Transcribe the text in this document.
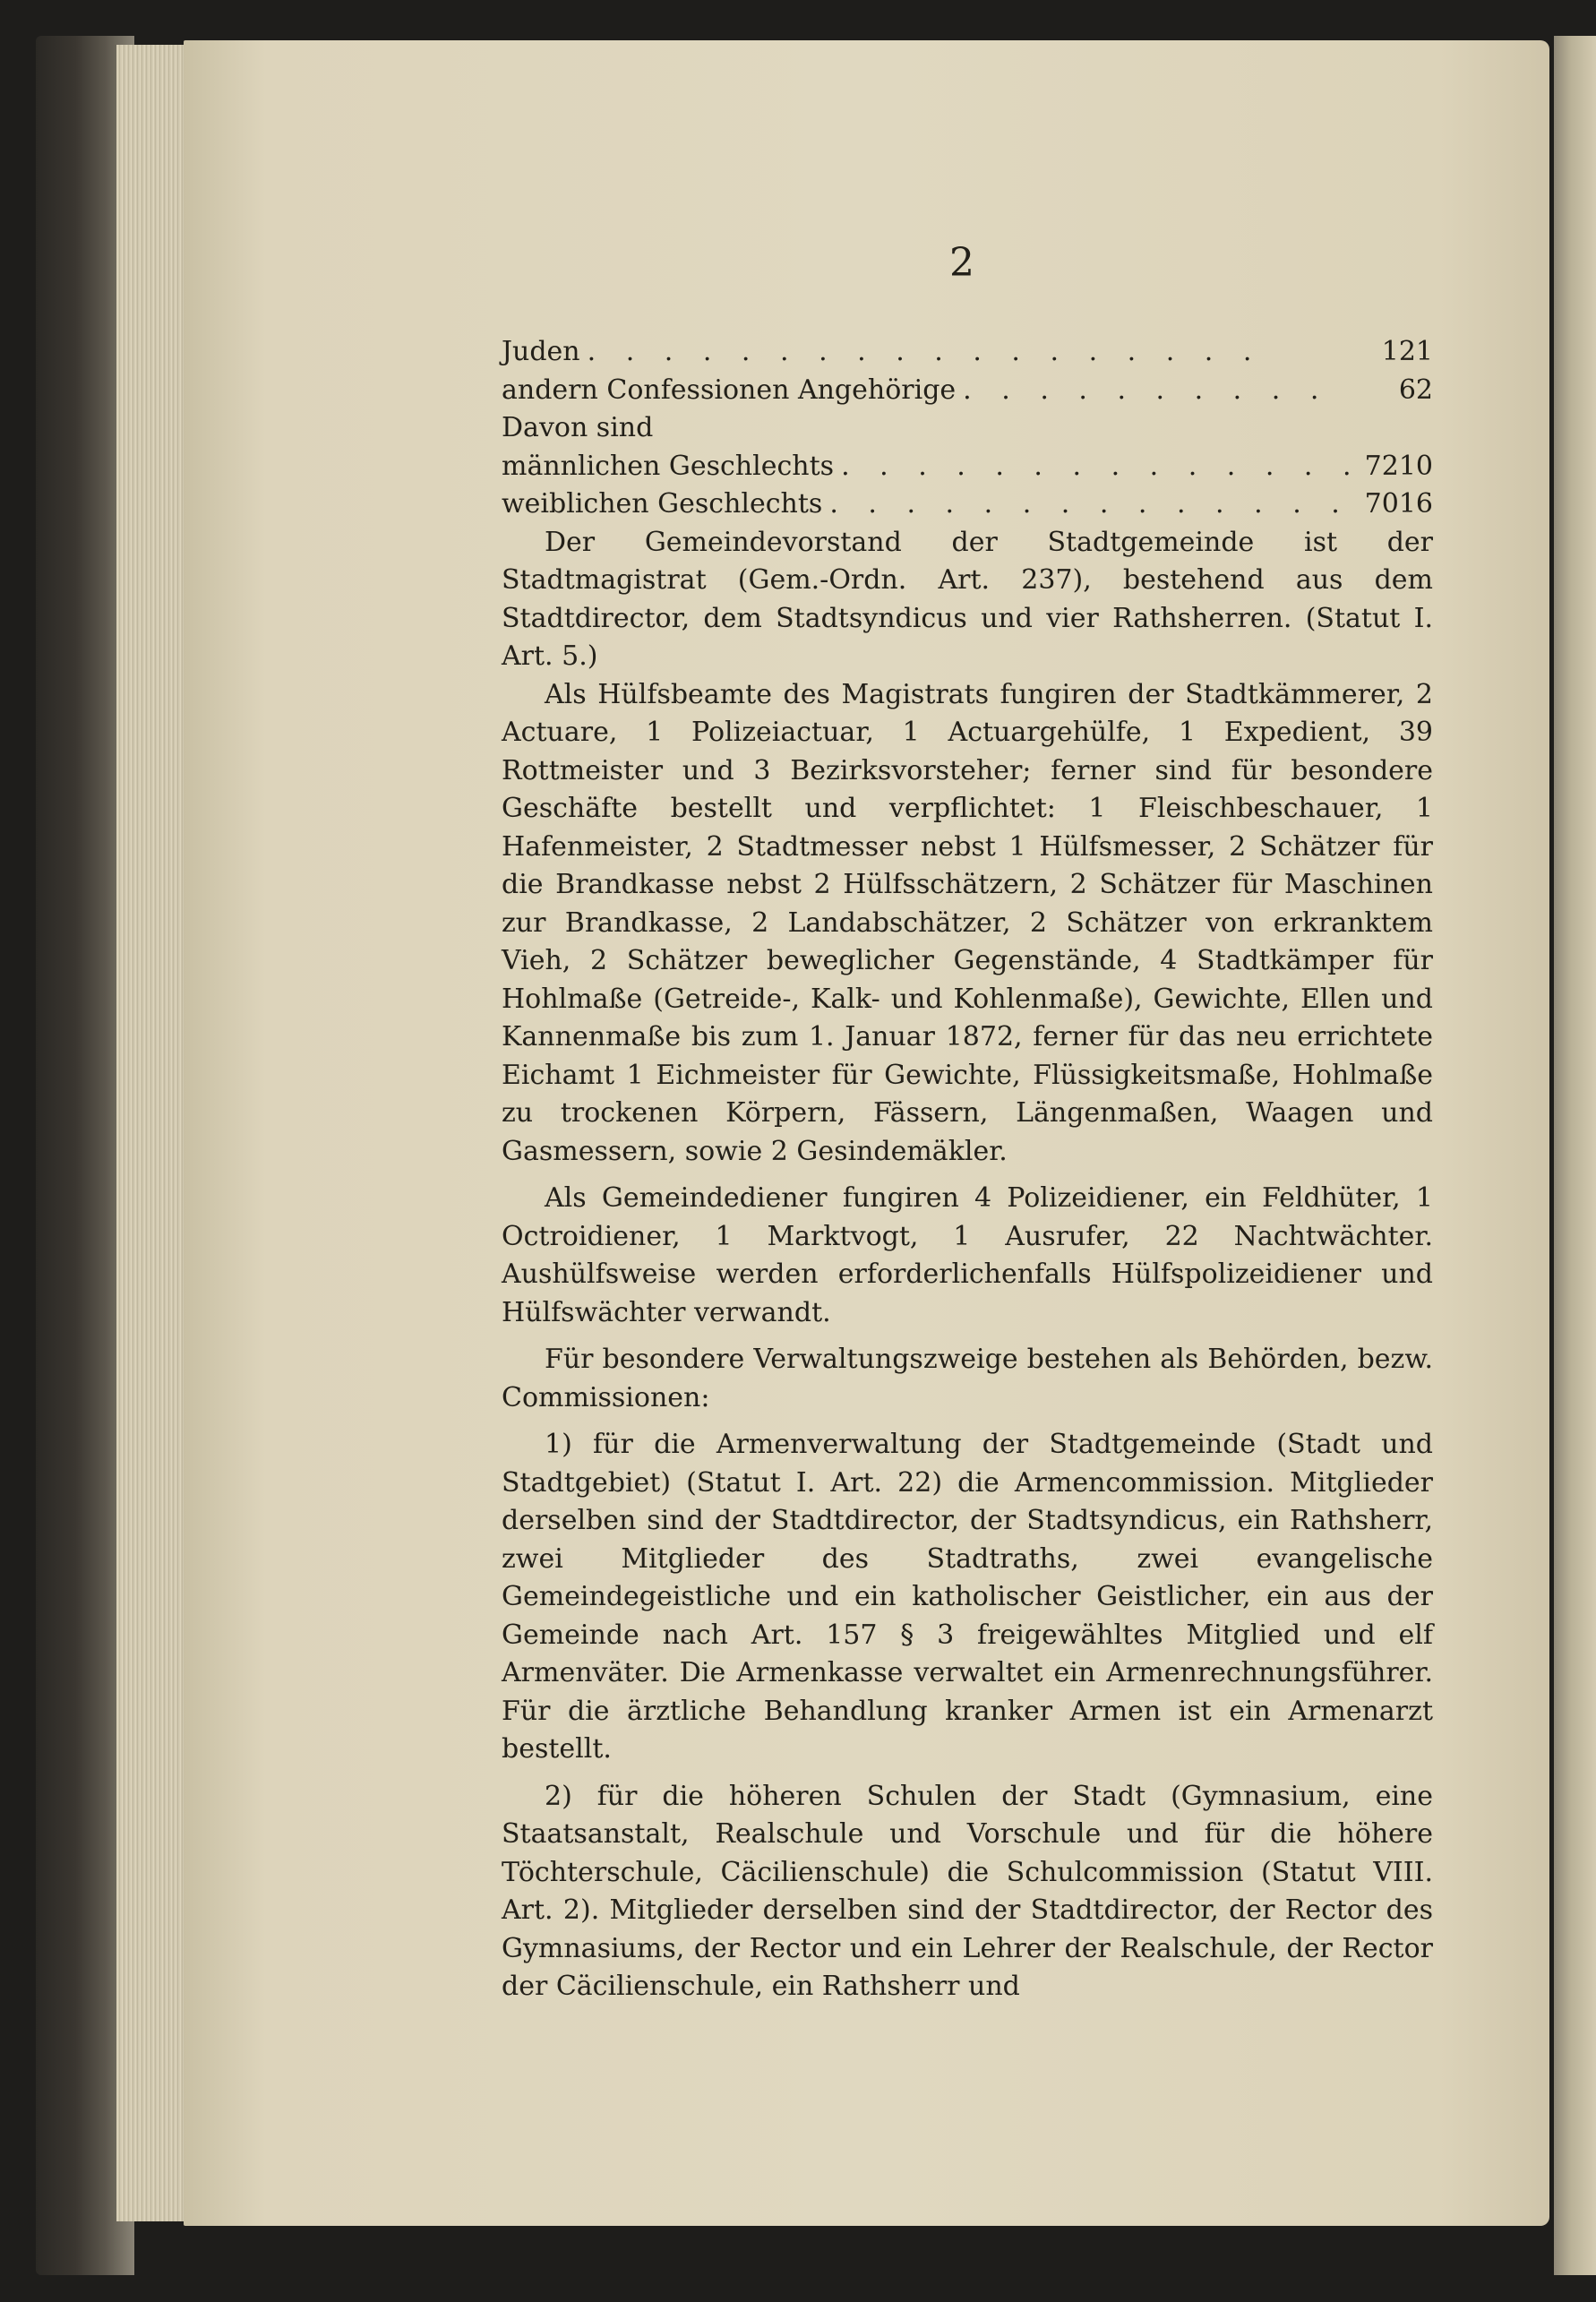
2
Juden . . . . . . . . . . . . . . . . . .	121
andern Confessionen Angehörige . . . . . . . . . .	62
Davon sind
männlichen Geschlechts . . . . . . . . . . . . . . 7210
weiblichen Geschlechts . . . . . . . . . . . . . . 7016

Der Gemeindevorstand der Stadtgemeinde ist der Stadtmagistrat (Gem.-Ordn. Art. 237), bestehend aus dem Stadtdirector, dem Stadtsyndicus und vier Rathsherren. (Statut I. Art. 5.)

Als Hülfsbeamte des Magistrats fungiren der Stadtkämmerer, 2 Actuare, 1 Polizeiactuar, 1 Actuargehülfe, 1 Expedient, 39 Rottmeister und 3 Bezirksvorsteher; ferner sind für besondere Geschäfte bestellt und verpflichtet: 1 Fleischbeschauer, 1 Hafenmeister, 2 Stadtmesser nebst 1 Hülfsmesser, 2 Schätzer für die Brandkasse nebst 2 Hülfsschätzern, 2 Schätzer für Maschinen zur Brandkasse, 2 Landabschätzer, 2 Schätzer von erkranktem Vieh, 2 Schätzer beweglicher Gegenstände, 4 Stadtkämper für Hohlmaße (Getreide-, Kalk- und Kohlenmaße), Gewichte, Ellen und Kannenmaße bis zum 1. Januar 1872, ferner für das neu errichtete Eichamt 1 Eichmeister für Gewichte, Flüssigkeitsmaße, Hohlmaße zu trockenen Körpern, Fässern, Längenmaßen, Waagen und Gasmessern, sowie 2 Gesindemäkler.

Als Gemeindediener fungiren 4 Polizeidiener, ein Feldhüter, 1 Octroidiener, 1 Marktvogt, 1 Ausrufer, 22 Nachtwächter. Aushülfsweise werden erforderlichenfalls Hülfspolizeidiener und Hülfswächter verwandt.

Für besondere Verwaltungszweige bestehen als Behörden, bezw. Commissionen:

1) für die Armenverwaltung der Stadtgemeinde (Stadt und Stadtgebiet) (Statut I. Art. 22) die Armencommission. Mitglieder derselben sind der Stadtdirector, der Stadtsyndicus, ein Rathsherr, zwei Mitglieder des Stadtraths, zwei evangelische Gemeindegeistliche und ein katholischer Geistlicher, ein aus der Gemeinde nach Art. 157 § 3 freigewähltes Mitglied und elf Armenväter. Die Armenkasse verwaltet ein Armenrechnungsführer. Für die ärztliche Behandlung kranker Armen ist ein Armenarzt bestellt.

2) für die höheren Schulen der Stadt (Gymnasium, eine Staatsanstalt, Realschule und Vorschule und für die höhere Töchterschule, Cäcilienschule) die Schulcommission (Statut VIII. Art. 2). Mitglieder derselben sind der Stadtdirector, der Rector des Gymnasiums, der Rector und ein Lehrer der Realschule, der Rector der Cäcilienschule, ein Rathsherr und
